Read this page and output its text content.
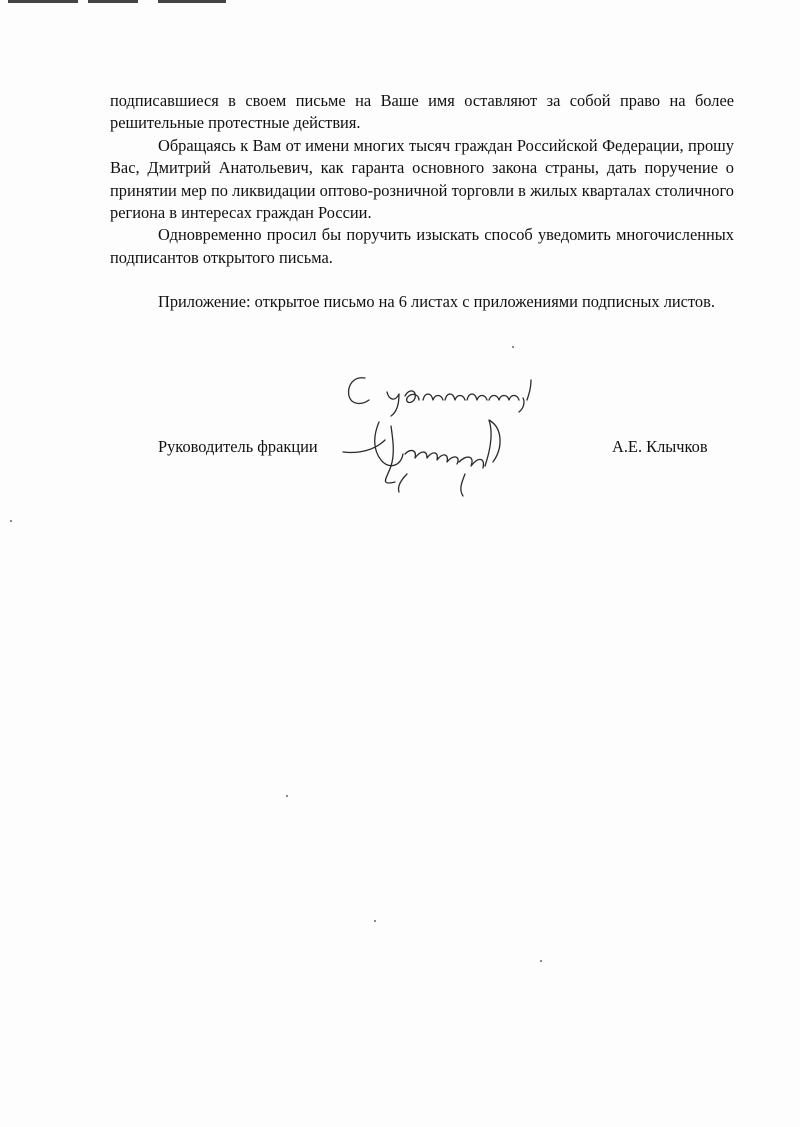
подписавшиеся в своем письме на Ваше имя оставляют за собой право на более решительные протестные действия.

Обращаясь к Вам от имени многих тысяч граждан Российской Федерации, прошу Вас, Дмитрий Анатольевич, как гаранта основного закона страны, дать поручение о принятии мер по ликвидации оптово-розничной торговли в жилых кварталах столичного региона в интересах граждан России.

Одновременно просил бы поручить изыскать способ уведомить многочисленных подписантов открытого письма.

Приложение: открытое письмо на 6 листах с приложениями подписных листов.

Руководитель фракции	А.Е. Клычков
